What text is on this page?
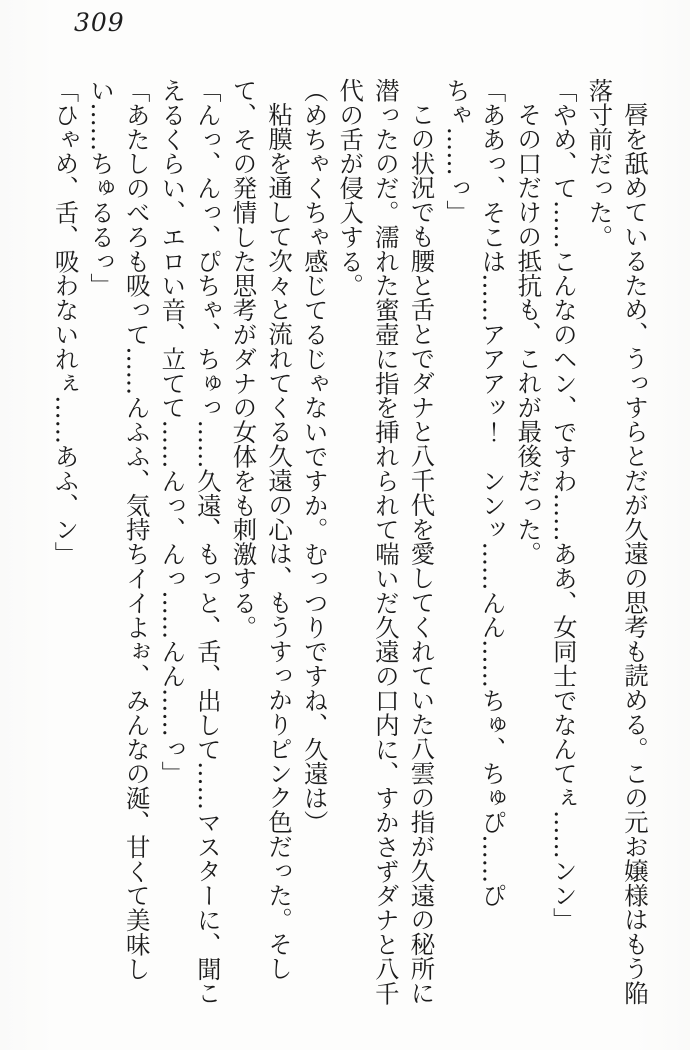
309

唇を舐めているため、うっすらとだが久遠の思考も読める。この元お嬢様はもう陥落寸前だった。

「やめ、て……こんなのヘン、ですわ……ああ、女同士でなんてぇ……ンン」

その口だけの抵抗も、これが最後だった。

「ああっ、そこは……アアアッ！　ンンッ……んん……ちゅ、ちゅぴ……ぴちゃ……っ」

この状況でも腰と舌とでダナと八千代を愛してくれていた八雲の指が久遠の秘所に潜ったのだ。濡れた蜜壺に指を挿れられて喘いだ久遠の口内に、すかさずダナと八千代の舌が侵入する。

（めちゃくちゃ感じてるじゃないですか。むっつりですね、久遠は）

粘膜を通して次々と流れてくる久遠の心は、もうすっかりピンク色だった。そして、その発情した思考がダナの女体をも刺激する。

「んっ、んっ、ぴちゃ、ちゅっ……久遠、もっと、舌、出して……マスターに、聞こえるくらい、エロい音、立てて……んっ、んっ……んん……っ」

「あたしのべろも吸って……んふふ、気持ちイイよぉ、みんなの涎、甘くて美味しい……ちゅるるっ」

「ひゃめ、舌、吸わないれぇ……あふ、ン」
